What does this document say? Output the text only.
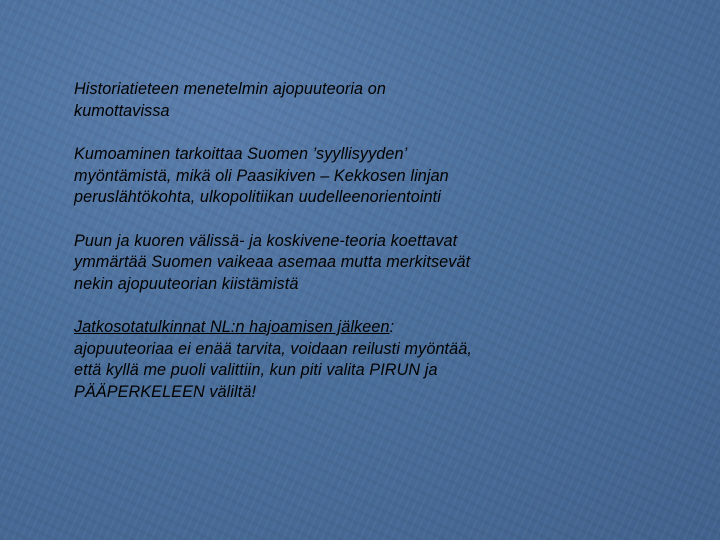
Historiatieteen menetelmin ajopuuteoria on
kumottavissa

Kumoaminen tarkoittaa Suomen ’syyllisyyden’
myöntämistä, mikä oli Paasikiven – Kekkosen linjan
peruslähtökohta, ulkopolitiikan uudelleenorientointi

Puun ja kuoren välissä- ja koskivene-teoria koettavat
ymmärtää Suomen vaikeaa asemaa mutta merkitsevät
nekin ajopuuteorian kiistämistä

Jatkosotatulkinnat NL:n hajoamisen jälkeen:
ajopuuteoriaa ei enää tarvita, voidaan reilusti myöntää,
että kyllä me puoli valittiin, kun piti valita PIRUN ja
PÄÄPERKELEEN väliltä!
